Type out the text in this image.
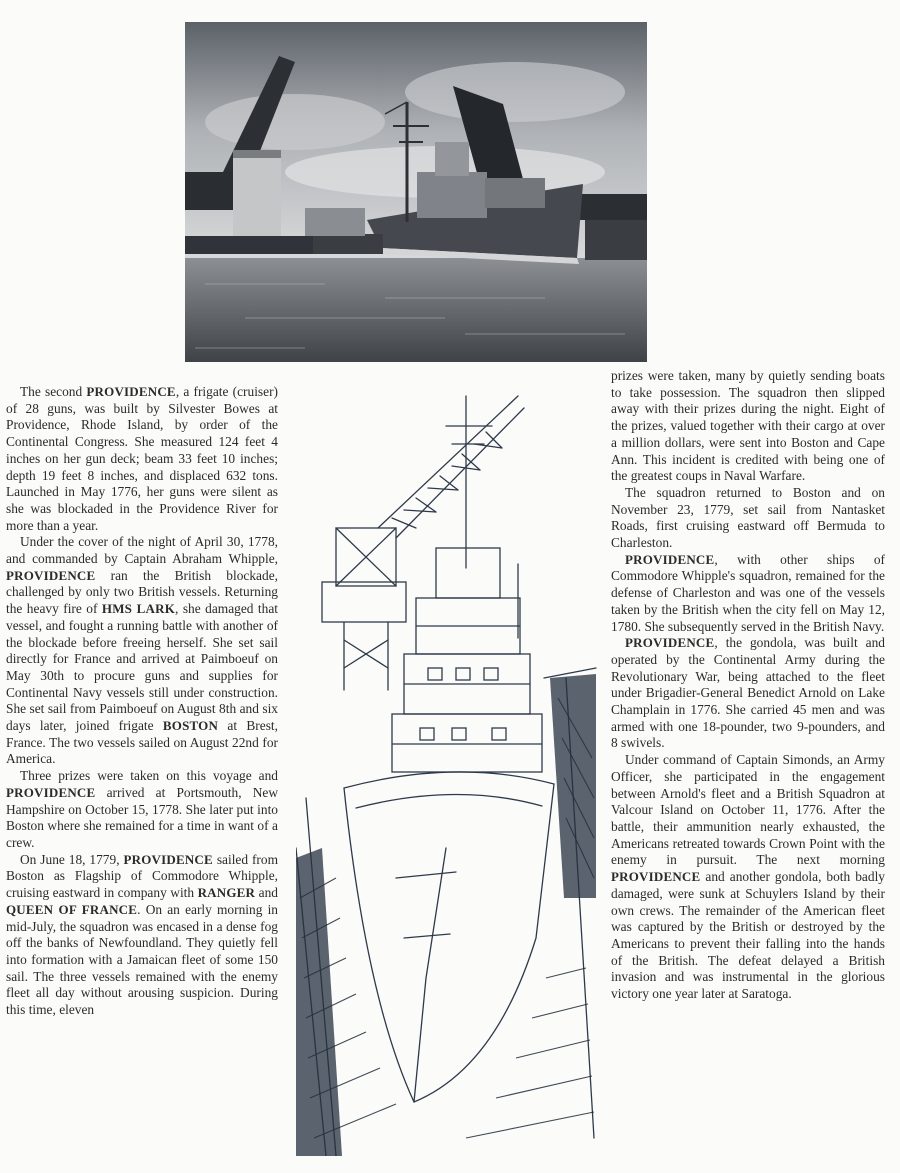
The second PROVIDENCE, a frigate (cruiser) of 28 guns, was built by Silvester Bowes at Providence, Rhode Island, by order of the Continental Congress. She measured 124 feet 4 inches on her gun deck; beam 33 feet 10 inches; depth 19 feet 8 inches, and displaced 632 tons. Launched in May 1776, her guns were silent as she was blockaded in the Providence River for more than a year.

Under the cover of the night of April 30, 1778, and commanded by Captain Abraham Whipple, PROVIDENCE ran the British blockade, challenged by only two British vessels. Returning the heavy fire of HMS LARK, she damaged that vessel, and fought a running battle with another of the blockade before freeing herself. She set sail directly for France and arrived at Paimboeuf on May 30th to procure guns and supplies for Continental Navy vessels still under construction. She set sail from Paimboeuf on August 8th and six days later, joined frigate BOSTON at Brest, France. The two vessels sailed on August 22nd for America.

Three prizes were taken on this voyage and PROVIDENCE arrived at Portsmouth, New Hampshire on October 15, 1778. She later put into Boston where she remained for a time in want of a crew.

On June 18, 1779, PROVIDENCE sailed from Boston as Flagship of Commodore Whipple, cruising eastward in company with RANGER and QUEEN OF FRANCE. On an early morning in mid-July, the squadron was encased in a dense fog off the banks of Newfoundland. They quietly fell into formation with a Jamaican fleet of some 150 sail. The three vessels remained with the enemy fleet all day without arousing suspicion. During this time, eleven

prizes were taken, many by quietly sending boats to take possession. The squadron then slipped away with their prizes during the night. Eight of the prizes, valued together with their cargo at over a million dollars, were sent into Boston and Cape Ann. This incident is credited with being one of the greatest coups in Naval Warfare.

The squadron returned to Boston and on November 23, 1779, set sail from Nantasket Roads, first cruising eastward off Bermuda to Charleston.

PROVIDENCE, with other ships of Commodore Whipple's squadron, remained for the defense of Charleston and was one of the vessels taken by the British when the city fell on May 12, 1780. She subsequently served in the British Navy.

PROVIDENCE, the gondola, was built and operated by the Continental Army during the Revolutionary War, being attached to the fleet under Brigadier-General Benedict Arnold on Lake Champlain in 1776. She carried 45 men and was armed with one 18-pounder, two 9-pounders, and 8 swivels.

Under command of Captain Simonds, an Army Officer, she participated in the engagement between Arnold's fleet and a British Squadron at Valcour Island on October 11, 1776. After the battle, their ammunition nearly exhausted, the Americans retreated towards Crown Point with the enemy in pursuit. The next morning PROVIDENCE and another gondola, both badly damaged, were sunk at Schuylers Island by their own crews. The remainder of the American fleet was captured by the British or destroyed by the Americans to prevent their falling into the hands of the British. The defeat delayed a British invasion and was instrumental in the glorious victory one year later at Saratoga.
